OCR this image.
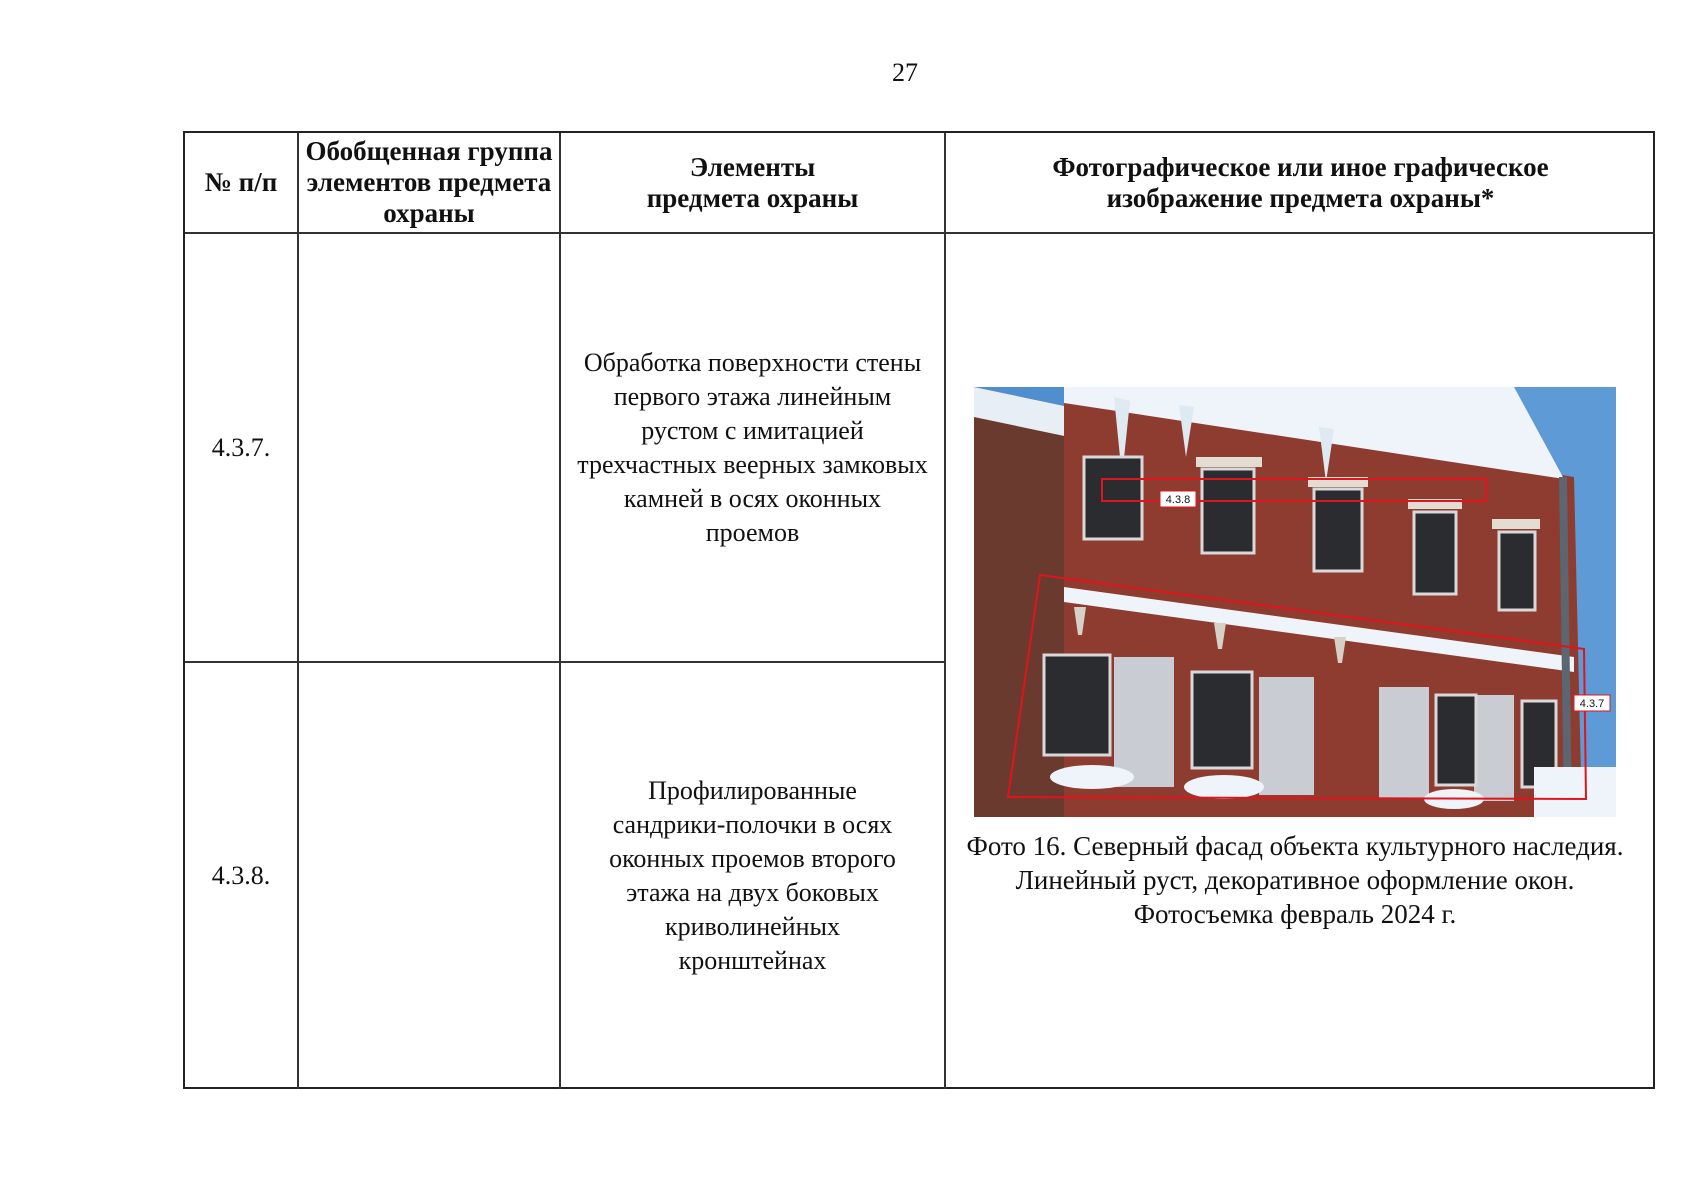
27
№ п/п
Обобщенная группа элементов предмета охраны
Элементы предмета охраны
Фотографическое или иное графическое изображение предмета охраны*
4.3.7.
Обработка поверхности стены первого этажа линейным рустом с имитацией трехчастных веерных замковых камней в осях оконных проемов
4.3.8.
Профилированные сандрики-полочки в осях оконных проемов второго этажа на двух боковых криволинейных кронштейнах
4.3.8
4.3.7
Фото 16. Северный фасад объекта культурного наследия. Линейный руст, декоративное оформление окон. Фотосъемка февраль 2024 г.
